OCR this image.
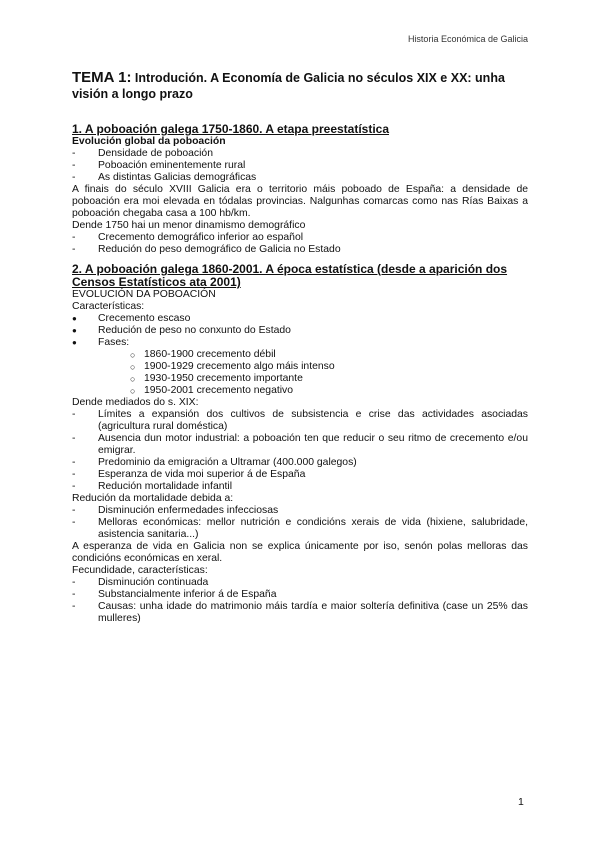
Historia Económica de Galicia
TEMA 1: Introdución. A Economía de Galicia no séculos XIX e XX: unha visión a longo prazo
1. A poboación galega 1750-1860. A etapa preestatística

Evolución global da poboación

-	Densidade de poboación
-	Poboación eminentemente rural
-	As distintas Galicias demográficas

A finais do século XVIII Galicia era o territorio máis poboado de España: a densidade de poboación era moi elevada en tódalas provincias. Nalgunhas comarcas como nas Rías Baixas a poboación chegaba casa a 100 hb/km.

Dende 1750 hai un menor dinamismo demográfico

-	Crecemento demográfico inferior ao español
-	Redución do peso demográfico de Galicia no Estado
2. A poboación galega 1860-2001. A época estatística (desde a aparición dos Censos Estatísticos ata 2001)

EVOLUCIÓN DA POBOACIÓN

Características:

●	Crecemento escaso
●	Redución de peso no conxunto do Estado
●	Fases:
○ 1860-1900 crecemento débil
○ 1900-1929 crecemento algo máis intenso
○ 1930-1950 crecemento importante
○ 1950-2001 crecemento negativo

Dende mediados do s. XIX:

-	Límites a expansión dos cultivos de subsistencia e crise das actividades asociadas (agricultura rural doméstica)
-	Ausencia dun motor industrial: a poboación ten que reducir o seu ritmo de crecemento e/ou emigrar.
-	Predominio da emigración a Ultramar (400.000 galegos)
-	Esperanza de vida moi superior á de España
-	Redución mortalidade infantil

Redución da mortalidade debida a:

-	Disminución enfermedades infecciosas
-	Melloras económicas: mellor nutrición e condicións xerais de vida (hixiene, salubridade, asistencia sanitaria...)

A esperanza de vida en Galicia non se explica únicamente por iso, senón polas melloras das condicións económicas en xeral.

Fecundidade, características:

-	Disminución continuada
-	Substancialmente inferior á de España
-	Causas: unha idade do matrimonio máis tardía e maior soltería definitiva (case un 25% das mulleres)
1
